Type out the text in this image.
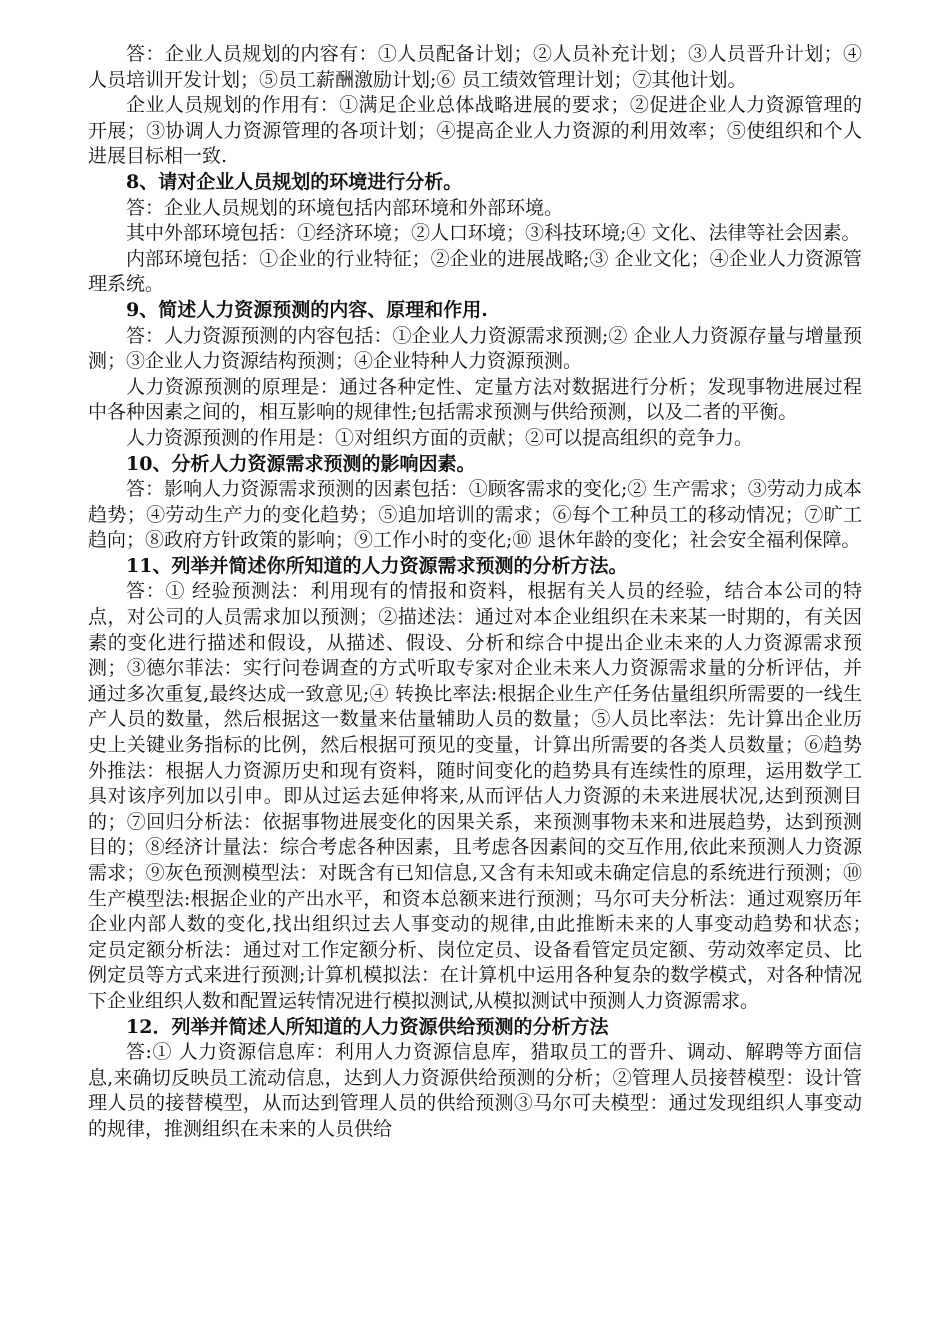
答：企业人员规划的内容有：①人员配备计划；②人员补充计划；③人员晋升计划；④人员培训开发计划；⑤员工薪酬激励计划;⑥ 员工绩效管理计划；⑦其他计划。

企业人员规划的作用有：①满足企业总体战略进展的要求；②促进企业人力资源管理的开展；③协调人力资源管理的各项计划；④提高企业人力资源的利用效率；⑤使组织和个人进展目标相一致.

8、请对企业人员规划的环境进行分析。

答：企业人员规划的环境包括内部环境和外部环境。

其中外部环境包括：①经济环境；②人口环境；③科技环境;④ 文化、法律等社会因素。

内部环境包括：①企业的行业特征；②企业的进展战略;③ 企业文化；④企业人力资源管理系统。

9、简述人力资源预测的内容、原理和作用.

答：人力资源预测的内容包括：①企业人力资源需求预测;② 企业人力资源存量与增量预测；③企业人力资源结构预测；④企业特种人力资源预测。

人力资源预测的原理是：通过各种定性、定量方法对数据进行分析；发现事物进展过程中各种因素之间的，相互影响的规律性;包括需求预测与供给预测，以及二者的平衡。

人力资源预测的作用是：①对组织方面的贡献；②可以提高组织的竞争力。

10、分析人力资源需求预测的影响因素。

答：影响人力资源需求预测的因素包括：①顾客需求的变化;② 生产需求；③劳动力成本趋势；④劳动生产力的变化趋势；⑤追加培训的需求；⑥每个工种员工的移动情况；⑦旷工趋向；⑧政府方针政策的影响；⑨工作小时的变化;⑩ 退休年龄的变化；社会安全福利保障。

11、列举并简述你所知道的人力资源需求预测的分析方法。

答：① 经验预测法：利用现有的情报和资料，根据有关人员的经验，结合本公司的特点，对公司的人员需求加以预测；②描述法：通过对本企业组织在未来某一时期的，有关因素的变化进行描述和假设，从描述、假设、分析和综合中提出企业未来的人力资源需求预测；③德尔菲法：实行问卷调查的方式听取专家对企业未来人力资源需求量的分析评估，并通过多次重复,最终达成一致意见;④ 转换比率法:根据企业生产任务估量组织所需要的一线生产人员的数量，然后根据这一数量来估量辅助人员的数量；⑤人员比率法：先计算出企业历史上关键业务指标的比例，然后根据可预见的变量，计算出所需要的各类人员数量；⑥趋势外推法：根据人力资源历史和现有资料，随时间变化的趋势具有连续性的原理，运用数学工具对该序列加以引申。即从过运去延伸将来,从而评估人力资源的未来进展状况,达到预测目的；⑦回归分析法：依据事物进展变化的因果关系，来预测事物未来和进展趋势，达到预测目的；⑧经济计量法：综合考虑各种因素，且考虑各因素间的交互作用,依此来预测人力资源需求；⑨灰色预测模型法：对既含有已知信息,又含有未知或未确定信息的系统进行预测；⑩生产模型法:根据企业的产出水平，和资本总额来进行预测；马尔可夫分析法：通过观察历年企业内部人数的变化,找出组织过去人事变动的规律,由此推断未来的人事变动趋势和状态；　定员定额分析法：通过对工作定额分析、岗位定员、设备看管定员定额、劳动效率定员、比例定员等方式来进行预测;计算机模拟法：在计算机中运用各种复杂的数学模式，对各种情况下企业组织人数和配置运转情况进行模拟测试,从模拟测试中预测人力资源需求。

12．列举并简述人所知道的人力资源供给预测的分析方法

答:① 人力资源信息库：利用人力资源信息库，猎取员工的晋升、调动、解聘等方面信息,来确切反映员工流动信息，达到人力资源供给预测的分析；②管理人员接替模型：设计管理人员的接替模型，从而达到管理人员的供给预测③马尔可夫模型：通过发现组织人事变动的规律，推测组织在未来的人员供给
